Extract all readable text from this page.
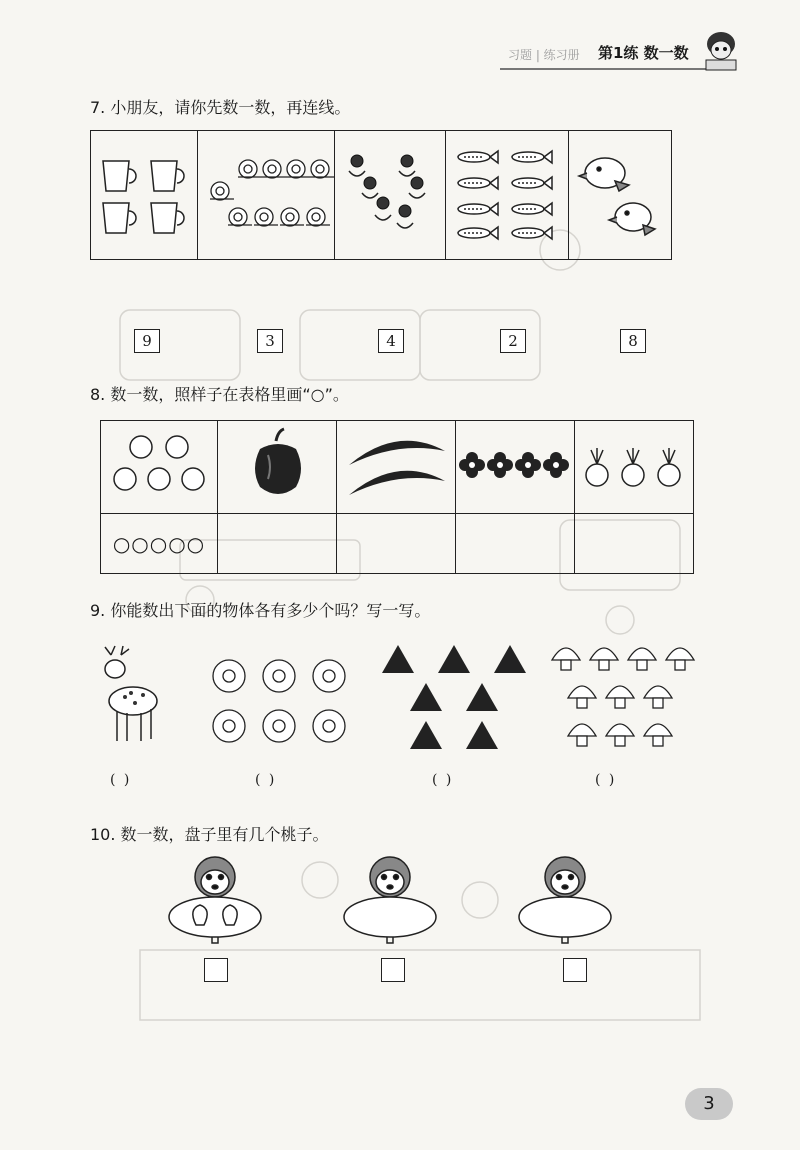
习题 | 练习册 第1练 数一数
7. 小朋友，请你先数一数，再连线。

9	3	4	2	8
8. 数一数，照样子在表格里画“○”。

○○○○○				
9. 你能数出下面的物体各有多少个吗？写一写。
( )	( )	( )	( )
10. 数一数，盘子里有几个桃子。
3
